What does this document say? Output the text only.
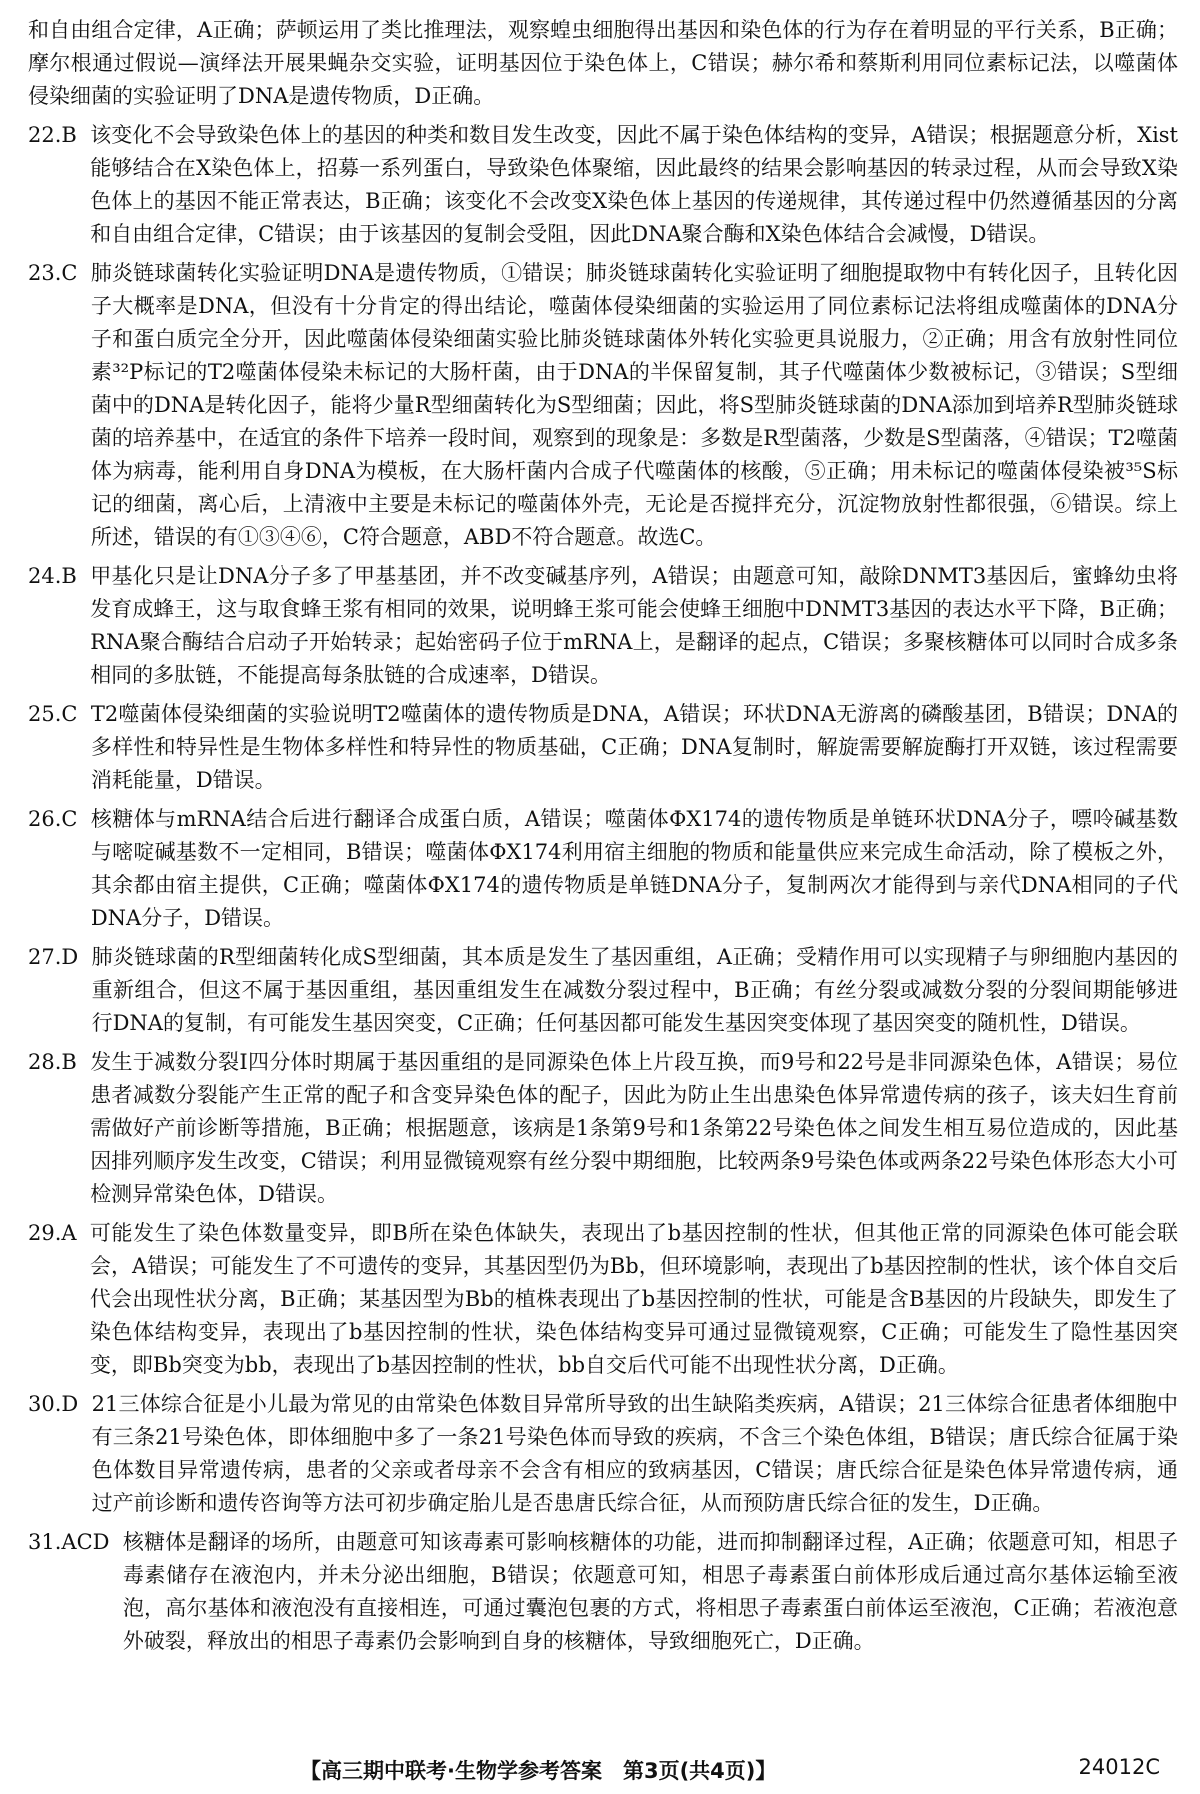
和自由组合定律，A正确；萨顿运用了类比推理法，观察蝗虫细胞得出基因和染色体的行为存在着明显的平行关系，B正确；摩尔根通过假说—演绎法开展果蝇杂交实验，证明基因位于染色体上，C错误；赫尔希和蔡斯利用同位素标记法，以噬菌体侵染细菌的实验证明了DNA是遗传物质，D正确。

22.B 该变化不会导致染色体上的基因的种类和数目发生改变，因此不属于染色体结构的变异，A错误；根据题意分析，Xist能够结合在X染色体上，招募一系列蛋白，导致染色体聚缩，因此最终的结果会影响基因的转录过程，从而会导致X染色体上的基因不能正常表达，B正确；该变化不会改变X染色体上基因的传递规律，其传递过程中仍然遵循基因的分离和自由组合定律，C错误；由于该基因的复制会受阻，因此DNA聚合酶和X染色体结合会减慢，D错误。
23.C 肺炎链球菌转化实验证明DNA是遗传物质，①错误；肺炎链球菌转化实验证明了细胞提取物中有转化因子，且转化因子大概率是DNA，但没有十分肯定的得出结论，噬菌体侵染细菌的实验运用了同位素标记法将组成噬菌体的DNA分子和蛋白质完全分开，因此噬菌体侵染细菌实验比肺炎链球菌体外转化实验更具说服力，②正确；用含有放射性同位素³²P标记的T2噬菌体侵染未标记的大肠杆菌，由于DNA的半保留复制，其子代噬菌体少数被标记，③错误；S型细菌中的DNA是转化因子，能将少量R型细菌转化为S型细菌；因此，将S型肺炎链球菌的DNA添加到培养R型肺炎链球菌的培养基中，在适宜的条件下培养一段时间，观察到的现象是：多数是R型菌落，少数是S型菌落，④错误；T2噬菌体为病毒，能利用自身DNA为模板，在大肠杆菌内合成子代噬菌体的核酸，⑤正确；用未标记的噬菌体侵染被³⁵S标记的细菌，离心后，上清液中主要是未标记的噬菌体外壳，无论是否搅拌充分，沉淀物放射性都很强，⑥错误。综上所述，错误的有①③④⑥，C符合题意，ABD不符合题意。故选C。
24.B 甲基化只是让DNA分子多了甲基基团，并不改变碱基序列，A错误；由题意可知，敲除DNMT3基因后，蜜蜂幼虫将发育成蜂王，这与取食蜂王浆有相同的效果，说明蜂王浆可能会使蜂王细胞中DNMT3基因的表达水平下降，B正确；RNA聚合酶结合启动子开始转录；起始密码子位于mRNA上，是翻译的起点，C错误；多聚核糖体可以同时合成多条相同的多肽链，不能提高每条肽链的合成速率，D错误。
25.C T2噬菌体侵染细菌的实验说明T2噬菌体的遗传物质是DNA，A错误；环状DNA无游离的磷酸基团，B错误；DNA的多样性和特异性是生物体多样性和特异性的物质基础，C正确；DNA复制时，解旋需要解旋酶打开双链，该过程需要消耗能量，D错误。
26.C 核糖体与mRNA结合后进行翻译合成蛋白质，A错误；噬菌体ΦX174的遗传物质是单链环状DNA分子，嘌呤碱基数与嘧啶碱基数不一定相同，B错误；噬菌体ΦX174利用宿主细胞的物质和能量供应来完成生命活动，除了模板之外，其余都由宿主提供，C正确；噬菌体ΦX174的遗传物质是单链DNA分子，复制两次才能得到与亲代DNA相同的子代DNA分子，D错误。
27.D 肺炎链球菌的R型细菌转化成S型细菌，其本质是发生了基因重组，A正确；受精作用可以实现精子与卵细胞内基因的重新组合，但这不属于基因重组，基因重组发生在减数分裂过程中，B正确；有丝分裂或减数分裂的分裂间期能够进行DNA的复制，有可能发生基因突变，C正确；任何基因都可能发生基因突变体现了基因突变的随机性，D错误。
28.B 发生于减数分裂Ⅰ四分体时期属于基因重组的是同源染色体上片段互换，而9号和22号是非同源染色体，A错误；易位患者减数分裂能产生正常的配子和含变异染色体的配子，因此为防止生出患染色体异常遗传病的孩子，该夫妇生育前需做好产前诊断等措施，B正确；根据题意，该病是1条第9号和1条第22号染色体之间发生相互易位造成的，因此基因排列顺序发生改变，C错误；利用显微镜观察有丝分裂中期细胞，比较两条9号染色体或两条22号染色体形态大小可检测异常染色体，D错误。
29.A 可能发生了染色体数量变异，即B所在染色体缺失，表现出了b基因控制的性状，但其他正常的同源染色体可能会联会，A错误；可能发生了不可遗传的变异，其基因型仍为Bb，但环境影响，表现出了b基因控制的性状，该个体自交后代会出现性状分离，B正确；某基因型为Bb的植株表现出了b基因控制的性状，可能是含B基因的片段缺失，即发生了染色体结构变异，表现出了b基因控制的性状，染色体结构变异可通过显微镜观察，C正确；可能发生了隐性基因突变，即Bb突变为bb，表现出了b基因控制的性状，bb自交后代可能不出现性状分离，D正确。
30.D 21三体综合征是小儿最为常见的由常染色体数目异常所导致的出生缺陷类疾病，A错误；21三体综合征患者体细胞中有三条21号染色体，即体细胞中多了一条21号染色体而导致的疾病，不含三个染色体组，B错误；唐氏综合征属于染色体数目异常遗传病，患者的父亲或者母亲不会含有相应的致病基因，C错误；唐氏综合征是染色体异常遗传病，通过产前诊断和遗传咨询等方法可初步确定胎儿是否患唐氏综合征，从而预防唐氏综合征的发生，D正确。
31.ACD 核糖体是翻译的场所，由题意可知该毒素可影响核糖体的功能，进而抑制翻译过程，A正确；依题意可知，相思子毒素储存在液泡内，并未分泌出细胞，B错误；依题意可知，相思子毒素蛋白前体形成后通过高尔基体运输至液泡，高尔基体和液泡没有直接相连，可通过囊泡包裹的方式，将相思子毒素蛋白前体运至液泡，C正确；若液泡意外破裂，释放出的相思子毒素仍会影响到自身的核糖体，导致细胞死亡，D正确。
【高三期中联考·生物学参考答案　第3页(共4页)】	24012C
